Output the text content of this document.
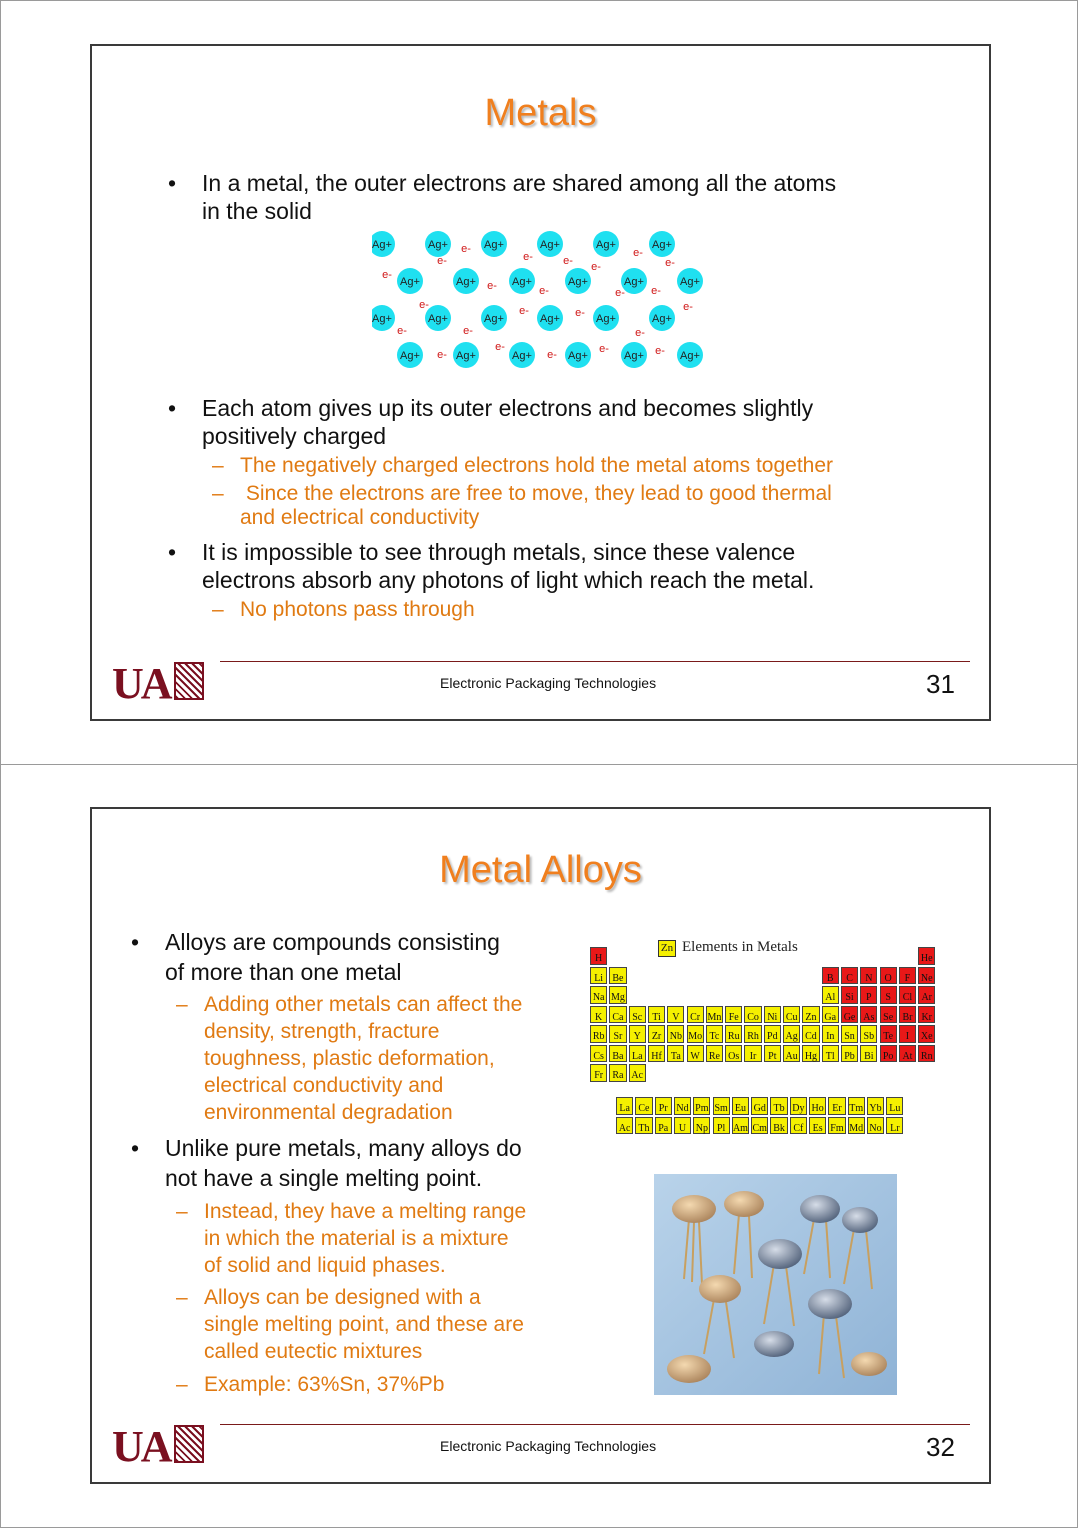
Metals
• In a metal, the outer electrons are shared among all the atoms
in the solid
Ag+	Ag+	Ag+	Ag+	Ag+	Ag+
Ag+	Ag+	Ag+	Ag+	Ag+	Ag+
Ag+	Ag+	Ag+	Ag+	Ag+	Ag+
Ag+	Ag+	Ag+	Ag+	Ag+	Ag+
e-
e-	e-	e- e-
e-
e-
e-
e-	e-	e- e-
e-	e-	e-	e-
e-	e-	e-
e-
e-
e-	e-	e-
• Each atom gives up its outer electrons and becomes slightly
positively charged
– The negatively charged electrons hold the metal atoms together
– Since the electrons are free to move, they lead to good thermal
and electrical conductivity
• It is impossible to see through metals, since these valence
electrons absorb any photons of light which reach the metal.
– No photons pass through
UA	Electronic Packaging Technologies	31
Metal Alloys
• Alloys are compounds consisting
of more than one metal
– Adding other metals can affect the
density, strength, fracture
toughness, plastic deformation,
electrical conductivity and
environmental degradation
• Unlike pure metals, many alloys do
not have a single melting point.
– Instead, they have a melting range
in which the material is a mixture
of solid and liquid phases.
– Alloys can be designed with a
single melting point, and these are
called eutectic mixtures
– Example: 63%Sn, 37%Pb
Zn Elements in Metals
H	He
Li Be	B	C	N	O	F	Ne
Na Mg	Al	Si	P	S	Cl Ar
K	Ca Sc	Ti	V	Cr Mn Fe Co Ni Cu Zn Ga Ge As Se Br Kr
Rb Sr	Y	Zr Nb Mo Tc Ru Rh Pd Ag Cd In Sn Sb Te	I	Xe
Cs Ba La Hf Ta W Re Os	Ir	Pt Au Hg Tl Pb Bi Po At Rn
Fr Ra Ac
La Ce Pr Nd Pm Sm Eu Gd Tb Dy Ho Er Tm Yb Lu
Ac Th Pa	U Np Pl Am Cm Bk Cf Es Fm Md No Lr
UA	Electronic Packaging Technologies	32
